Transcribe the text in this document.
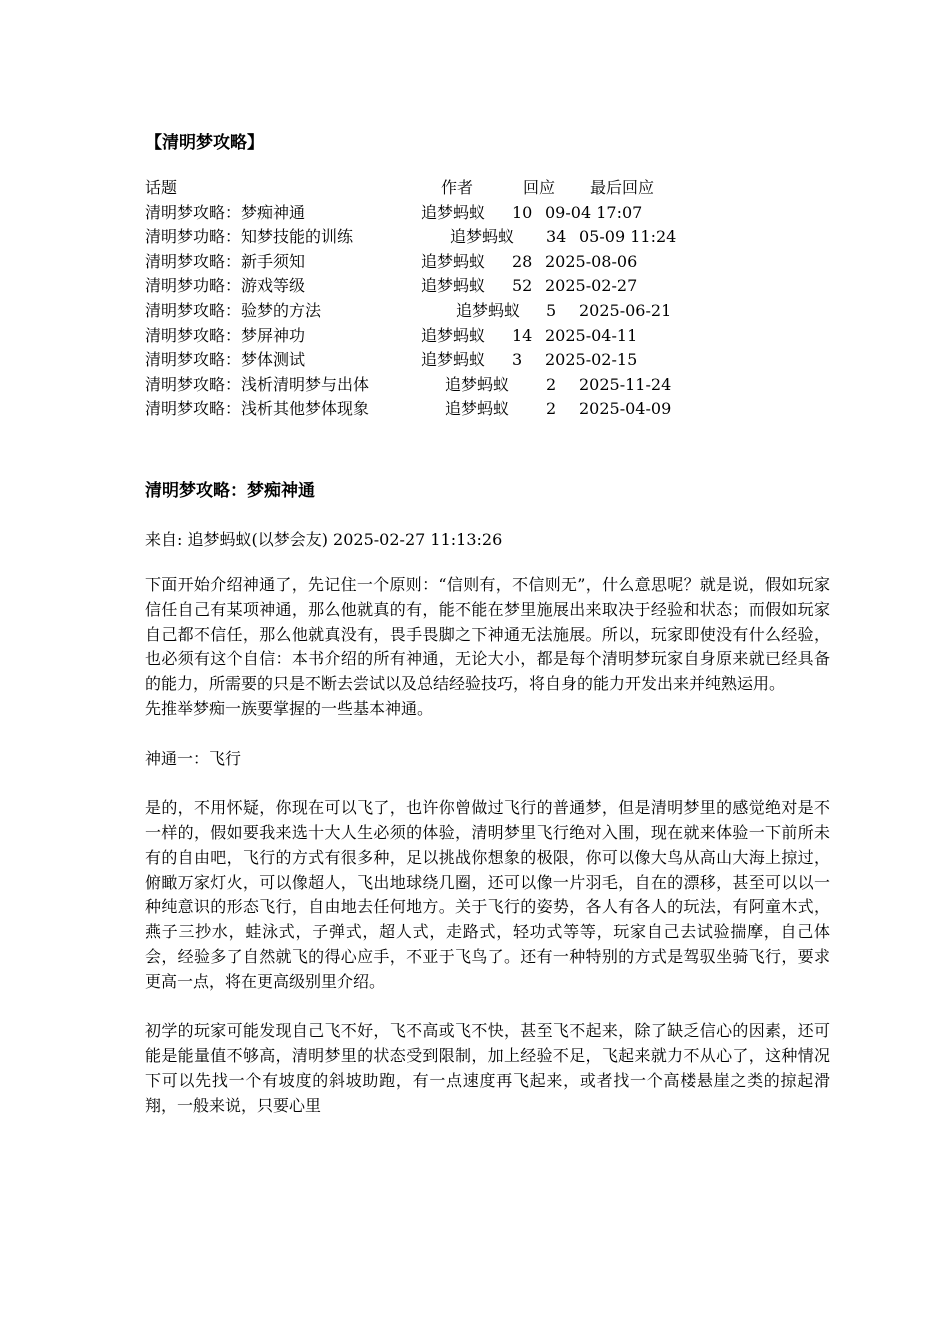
【清明梦攻略】
话题	作者	回应 最后回应
清明梦攻略：梦痴神通	追梦蚂蚁 10 09-04 17:07
清明梦功略：知梦技能的训练	追梦蚂蚁 34 05-09 11:24
清明梦攻略：新手须知	追梦蚂蚁 28 2025-08-06
清明梦功略：游戏等级	追梦蚂蚁 52 2025-02-27
清明梦攻略：验梦的方法	追梦蚂蚁 5 2025-06-21
清明梦攻略：梦屏神功	追梦蚂蚁 14 2025-04-11
清明梦攻略：梦体测试	追梦蚂蚁 3 2025-02-15
清明梦攻略：浅析清明梦与出体	追梦蚂蚁 2 2025-11-24
清明梦攻略：浅析其他梦体现象	追梦蚂蚁 2 2025-04-09
清明梦攻略：梦痴神通
来自: 追梦蚂蚁(以梦会友) 2025-02-27 11:13:26

下面开始介绍神通了，先记住一个原则：“信则有，不信则无”，什么意思呢？就是说，假如玩家信任自己有某项神通，那么他就真的有，能不能在梦里施展出来取决于经验和状态；而假如玩家自己都不信任，那么他就真没有，畏手畏脚之下神通无法施展。所以，玩家即使没有什么经验，也必须有这个自信：本书介绍的所有神通，无论大小，都是每个清明梦玩家自身原来就已经具备的能力，所需要的只是不断去尝试以及总结经验技巧，将自身的能力开发出来并纯熟运用。

先推举梦痴一族要掌握的一些基本神通。

神通一：飞行

是的，不用怀疑，你现在可以飞了，也许你曾做过飞行的普通梦，但是清明梦里的感觉绝对是不一样的，假如要我来选十大人生必须的体验，清明梦里飞行绝对入围，现在就来体验一下前所未有的自由吧，飞行的方式有很多种，足以挑战你想象的极限，你可以像大鸟从高山大海上掠过，俯瞰万家灯火，可以像超人，飞出地球绕几圈，还可以像一片羽毛，自在的漂移，甚至可以以一种纯意识的形态飞行，自由地去任何地方。关于飞行的姿势，各人有各人的玩法，有阿童木式，燕子三抄水，蛙泳式，子弹式，超人式，走路式，轻功式等等，玩家自己去试验揣摩，自己体会，经验多了自然就飞的得心应手，不亚于飞鸟了。还有一种特别的方式是驾驭坐骑飞行，要求更高一点，将在更高级别里介绍。

初学的玩家可能发现自己飞不好，飞不高或飞不快，甚至飞不起来，除了缺乏信心的因素，还可能是能量值不够高，清明梦里的状态受到限制，加上经验不足，飞起来就力不从心了，这种情况下可以先找一个有坡度的斜坡助跑，有一点速度再飞起来，或者找一个高楼悬崖之类的掠起滑翔，一般来说，只要心里
